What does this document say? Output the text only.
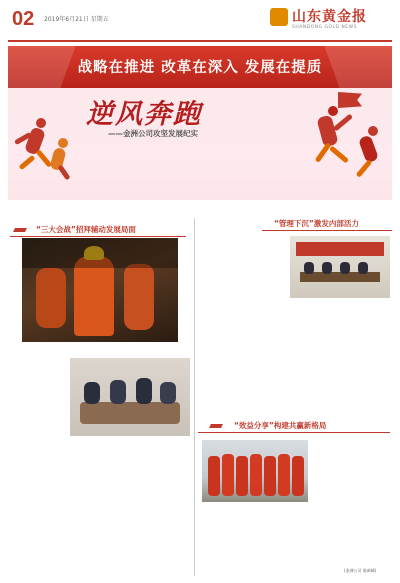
02 2019年6月21日 星期五	山东黄金报
SHANDONG GOLD NEWS
战略在推进 改革在深入 发展在提质
逆风奔跑
——金洲公司攻坚发展纪实
“三大会战”招拜辅动发展局面
“管理下沉”激发内部活力
“效益分享”构建共赢新格局
(金洲公司 陈新峰)
